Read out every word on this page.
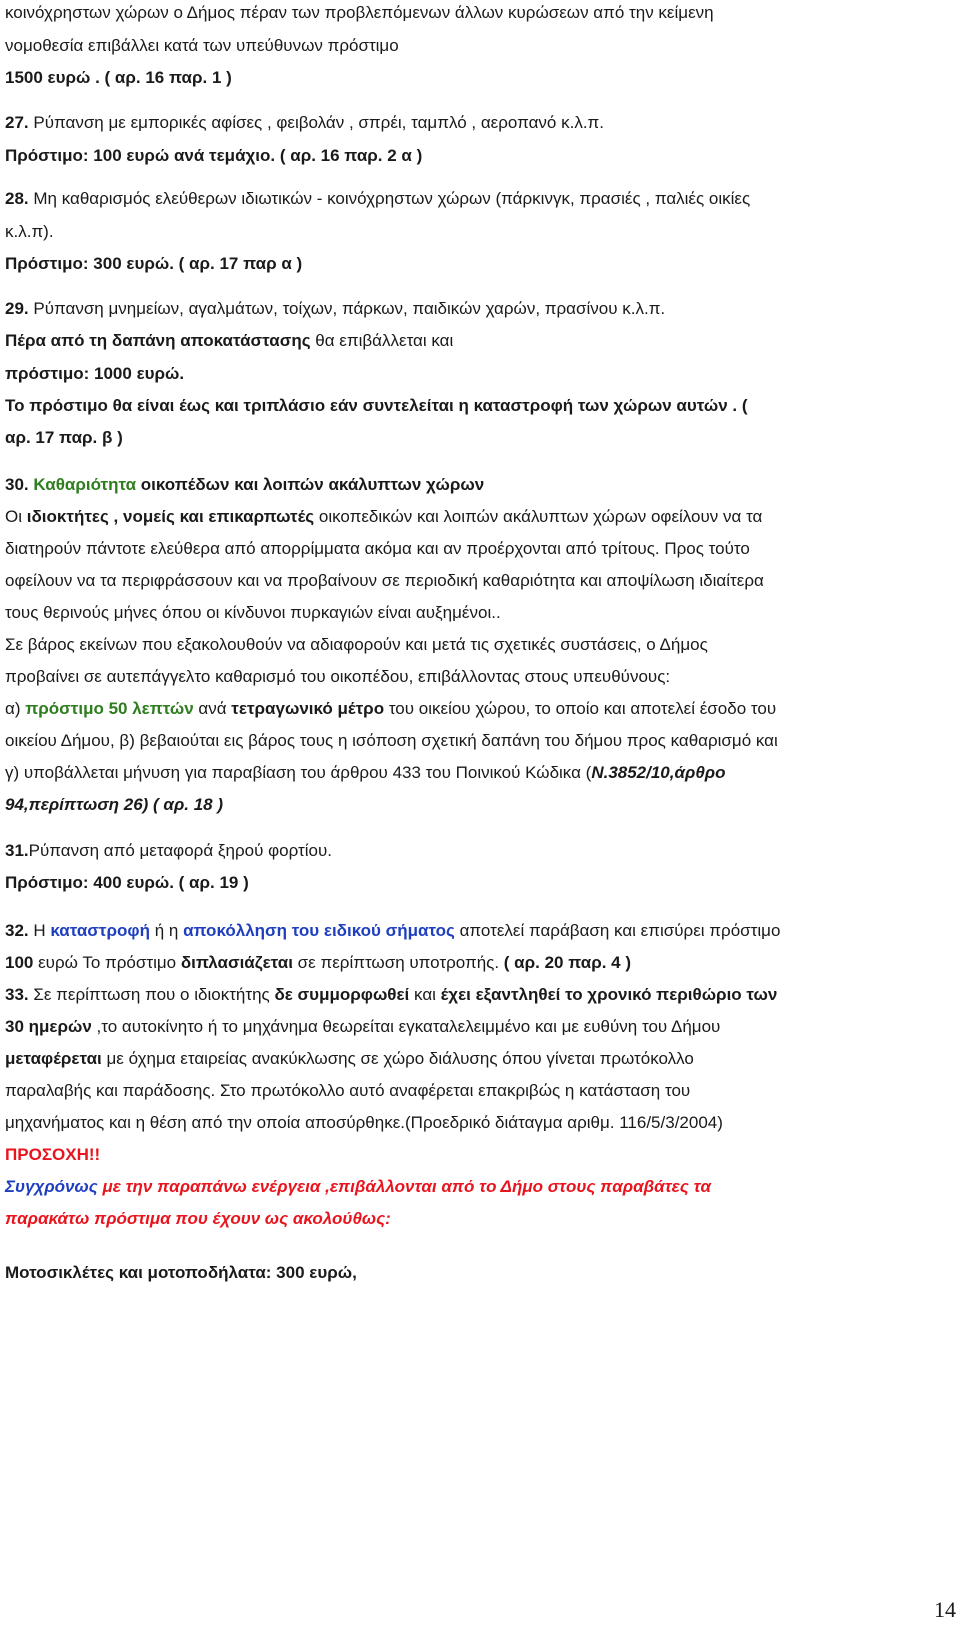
κοινόχρηστων χώρων ο Δήμος πέραν των προβλεπόμενων άλλων κυρώσεων από την κείμενη
νομοθεσία επιβάλλει κατά των υπεύθυνων πρόστιμο
1500 ευρώ . ( αρ. 16 παρ. 1 )
27. Ρύπανση με εμπορικές αφίσες , φειβολάν , σπρέι, ταμπλό , αεροπανό κ.λ.π.
Πρόστιμο: 100 ευρώ ανά τεμάχιο. ( αρ. 16 παρ. 2 α )
28. Μη καθαρισμός ελεύθερων ιδιωτικών - κοινόχρηστων χώρων (πάρκινγκ, πρασιές , παλιές οικίες
κ.λ.π).
Πρόστιμο: 300 ευρώ. ( αρ. 17 παρ α )
29. Ρύπανση μνημείων, αγαλμάτων, τοίχων, πάρκων, παιδικών χαρών, πρασίνου κ.λ.π.
Πέρα από τη δαπάνη αποκατάστασης θα επιβάλλεται και
πρόστιμο: 1000 ευρώ.
Το πρόστιμο θα είναι έως και τριπλάσιο εάν συντελείται η καταστροφή των χώρων αυτών . (
αρ. 17 παρ. β )
30. Καθαριότητα οικοπέδων και λοιπών ακάλυπτων χώρων
Οι ιδιοκτήτες , νομείς και επικαρπωτές οικοπεδικών και λοιπών ακάλυπτων χώρων οφείλουν να τα
διατηρούν πάντοτε ελεύθερα από απορρίμματα ακόμα και αν προέρχονται από τρίτους. Προς τούτο
οφείλουν να τα περιφράσσουν και να προβαίνουν σε περιοδική καθαριότητα και αποψίλωση ιδιαίτερα
τους θερινούς μήνες όπου οι κίνδυνοι πυρκαγιών είναι αυξημένοι..
Σε βάρος εκείνων που εξακολουθούν να αδιαφορούν και μετά τις σχετικές συστάσεις, ο Δήμος
προβαίνει σε αυτεπάγγελτο καθαρισμό του οικοπέδου, επιβάλλοντας στους υπευθύνους:
α) πρόστιμο 50 λεπτών ανά τετραγωνικό μέτρο του οικείου χώρου, το οποίο και αποτελεί έσοδο του
οικείου Δήμου, β) βεβαιούται εις βάρος τους η ισόποση σχετική δαπάνη του δήμου προς καθαρισμό και
γ) υποβάλλεται μήνυση για παραβίαση του άρθρου 433 του Ποινικού Κώδικα (N.3852/10,άρθρο
94,περίπτωση 26) ( αρ. 18 )
31.Ρύπανση από μεταφορά ξηρού φορτίου.
Πρόστιμο: 400 ευρώ. ( αρ. 19 )
32. Η καταστροφή ή η αποκόλληση του ειδικού σήματος αποτελεί παράβαση και επισύρει πρόστιμο
100 ευρώ Το πρόστιμο διπλασιάζεται σε περίπτωση υποτροπής. ( αρ. 20 παρ. 4 )
33. Σε περίπτωση που ο ιδιοκτήτης δε συμμορφωθεί και έχει εξαντληθεί το χρονικό περιθώριο των
30 ημερών ,το αυτοκίνητο ή το μηχάνημα θεωρείται εγκαταλελειμμένο και με ευθύνη του Δήμου
μεταφέρεται με όχημα εταιρείας ανακύκλωσης σε χώρο διάλυσης όπου γίνεται πρωτόκολλο
παραλαβής και παράδοσης. Στο πρωτόκολλο αυτό αναφέρεται επακριβώς η κατάσταση του
μηχανήματος και η θέση από την οποία αποσύρθηκε.(Προεδρικό διάταγμα αριθμ. 116/5/3/2004)
ΠΡΟΣΟΧΗ!!
Συγχρόνως με την παραπάνω ενέργεια ,επιβάλλονται από το Δήμο στους παραβάτες τα
παρακάτω πρόστιμα που έχουν ως ακολούθως:
Μοτοσικλέτες και μοτοποδήλατα: 300 ευρώ,
14
